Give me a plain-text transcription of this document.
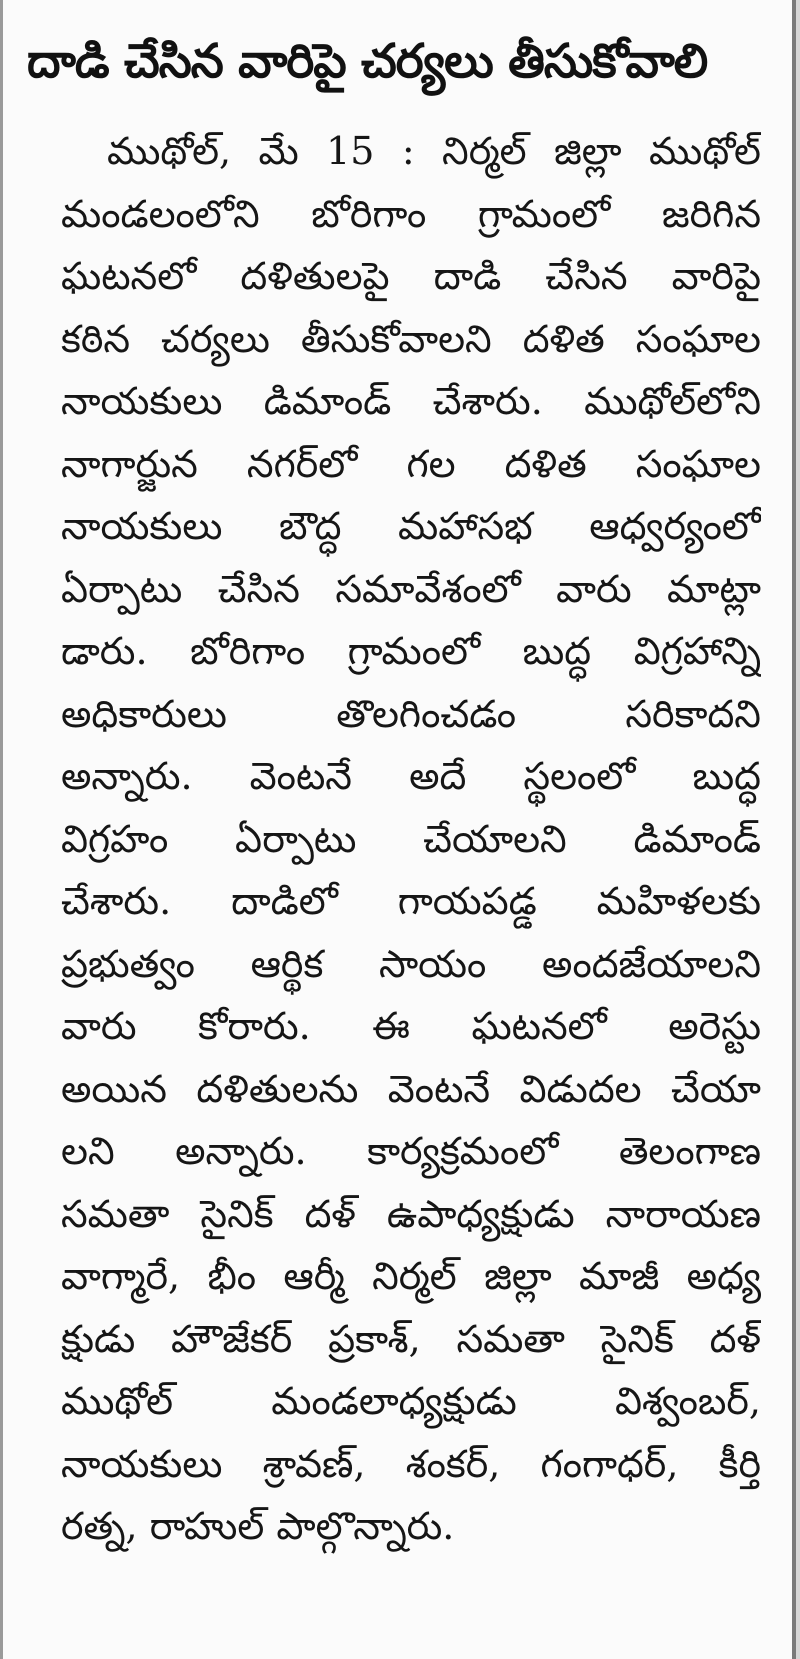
దాడి చేసిన వారిపై చర్యలు తీసుకోవాలి
ముథోల్, మే 15 : నిర్మల్ జిల్లా ముథోల్
మండలంలోని బోరిగాం గ్రామంలో జరిగిన
ఘటనలో దళితులపై దాడి చేసిన వారిపై
కఠిన చర్యలు తీసుకోవాలని దళిత సంఘాల
నాయకులు డిమాండ్ చేశారు. ముథోల్‌లోని
నాగార్జున నగర్‌లో గల దళిత సంఘాల
నాయకులు బౌద్ధ మహాసభ ఆధ్వర్యంలో
ఏర్పాటు చేసిన సమావేశంలో వారు మాట్లా
డారు. బోరిగాం గ్రామంలో బుద్ధ విగ్రహాన్ని
అధికారులు తొలగించడం సరికాదని
అన్నారు. వెంటనే అదే స్థలంలో బుద్ధ
విగ్రహం ఏర్పాటు చేయాలని డిమాండ్
చేశారు. దాడిలో గాయపడ్డ మహిళలకు
ప్రభుత్వం ఆర్థిక సాయం అందజేయాలని
వారు కోరారు. ఈ ఘటనలో అరెస్టు
అయిన దళితులను వెంటనే విడుదల చేయా
లని అన్నారు. కార్యక్రమంలో తెలంగాణ
సమతా సైనిక్ దళ్ ఉపాధ్యక్షుడు నారాయణ
వాగ్మారే, భీం ఆర్మీ నిర్మల్ జిల్లా మాజీ అధ్య
క్షుడు హౌజేకర్ ప్రకాశ్, సమతా సైనిక్ దళ్
ముథోల్ మండలాధ్యక్షుడు విశ్వంబర్,
నాయకులు శ్రావణ్, శంకర్, గంగాధర్, కీర్తి
రత్న, రాహుల్ పాల్గొన్నారు.
